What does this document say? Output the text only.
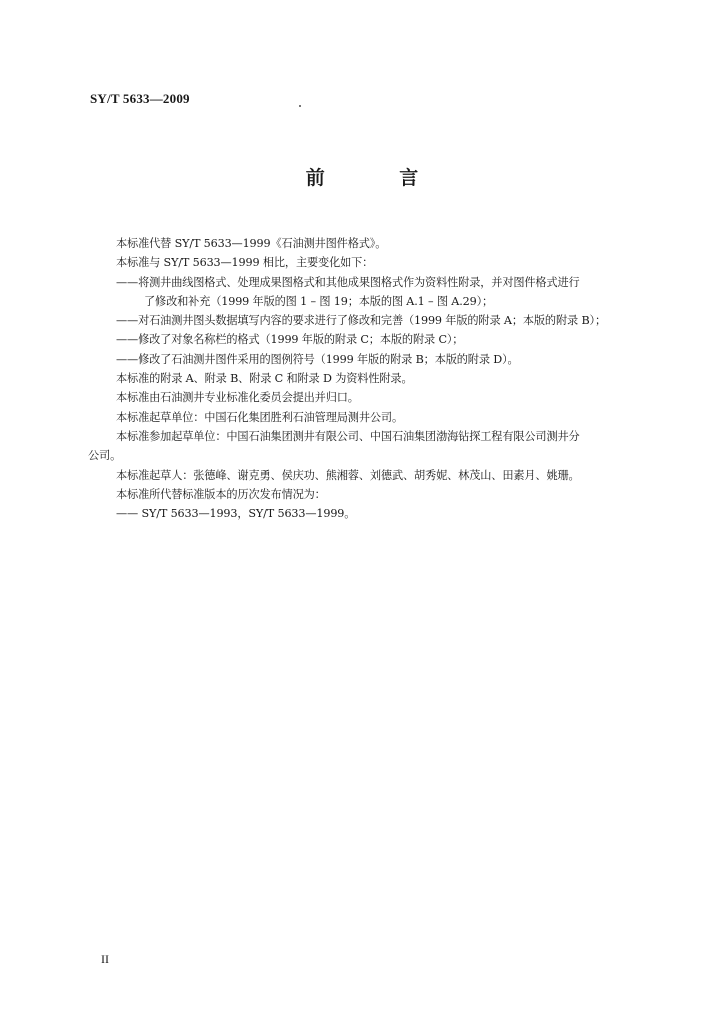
SY/T 5633—2009
前 言

本标准代替 SY/T 5633—1999《石油测井图件格式》。

本标准与 SY/T 5633—1999 相比，主要变化如下：

——将测井曲线图格式、处理成果图格式和其他成果图格式作为资料性附录，并对图件格式进行

了修改和补充（1999 年版的图 1 – 图 19；本版的图 A.1 – 图 A.29）；

——对石油测井图头数据填写内容的要求进行了修改和完善（1999 年版的附录 A；本版的附录 B）；

——修改了对象名称栏的格式（1999 年版的附录 C；本版的附录 C）；

——修改了石油测井图件采用的图例符号（1999 年版的附录 B；本版的附录 D）。

本标准的附录 A、附录 B、附录 C 和附录 D 为资料性附录。

本标准由石油测井专业标准化委员会提出并归口。

本标准起草单位：中国石化集团胜利石油管理局测井公司。

本标准参加起草单位：中国石油集团测井有限公司、中国石油集团渤海钻探工程有限公司测井分

公司。

本标准起草人：张德峰、谢克勇、侯庆功、熊湘蓉、刘德武、胡秀妮、林茂山、田素月、姚珊。

本标准所代替标准版本的历次发布情况为：

—— SY/T 5633—1993，SY/T 5633—1999。

II
